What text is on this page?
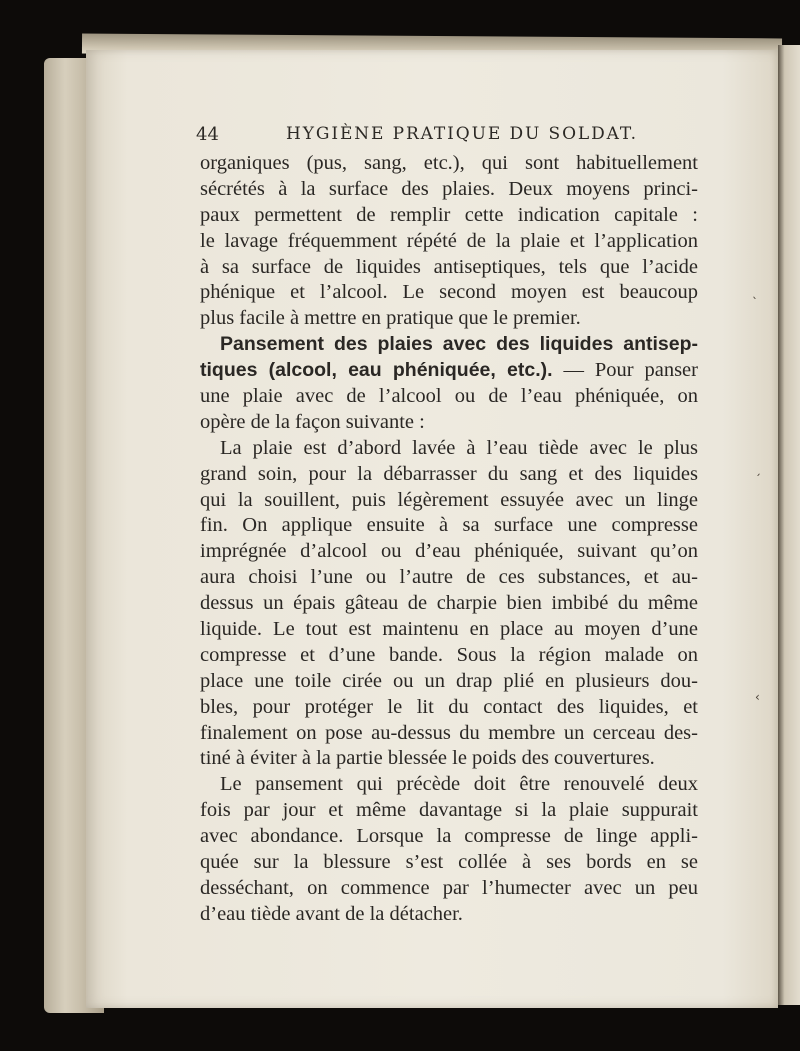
44	HYGIÈNE PRATIQUE DU SOLDAT.
organiques (pus, sang, etc.), qui sont habituellement
sécrétés à la surface des plaies. Deux moyens princi-
paux permettent de remplir cette indication capitale :
le lavage fréquemment répété de la plaie et l’application
à sa surface de liquides antiseptiques, tels que l’acide
phénique et l’alcool. Le second moyen est beaucoup
plus facile à mettre en pratique que le premier.
Pansement des plaies avec des liquides antisep-
tiques (alcool, eau phéniquée, etc.). — Pour panser
une plaie avec de l’alcool ou de l’eau phéniquée, on
opère de la façon suivante :
La plaie est d’abord lavée à l’eau tiède avec le plus
grand soin, pour la débarrasser du sang et des liquides
qui la souillent, puis légèrement essuyée avec un linge
fin. On applique ensuite à sa surface une compresse
imprégnée d’alcool ou d’eau phéniquée, suivant qu’on
aura choisi l’une ou l’autre de ces substances, et au-
dessus un épais gâteau de charpie bien imbibé du même
liquide. Le tout est maintenu en place au moyen d’une
compresse et d’une bande. Sous la région malade on
place une toile cirée ou un drap plié en plusieurs dou-
bles, pour protéger le lit du contact des liquides, et
finalement on pose au-dessus du membre un cerceau des-
tiné à éviter à la partie blessée le poids des couvertures.
Le pansement qui précède doit être renouvelé deux
fois par jour et même davantage si la plaie suppurait
avec abondance. Lorsque la compresse de linge appli-
quée sur la blessure s’est collée à ses bords en se
desséchant, on commence par l’humecter avec un peu
d’eau tiède avant de la détacher.
ˎ
ˏ
‹
